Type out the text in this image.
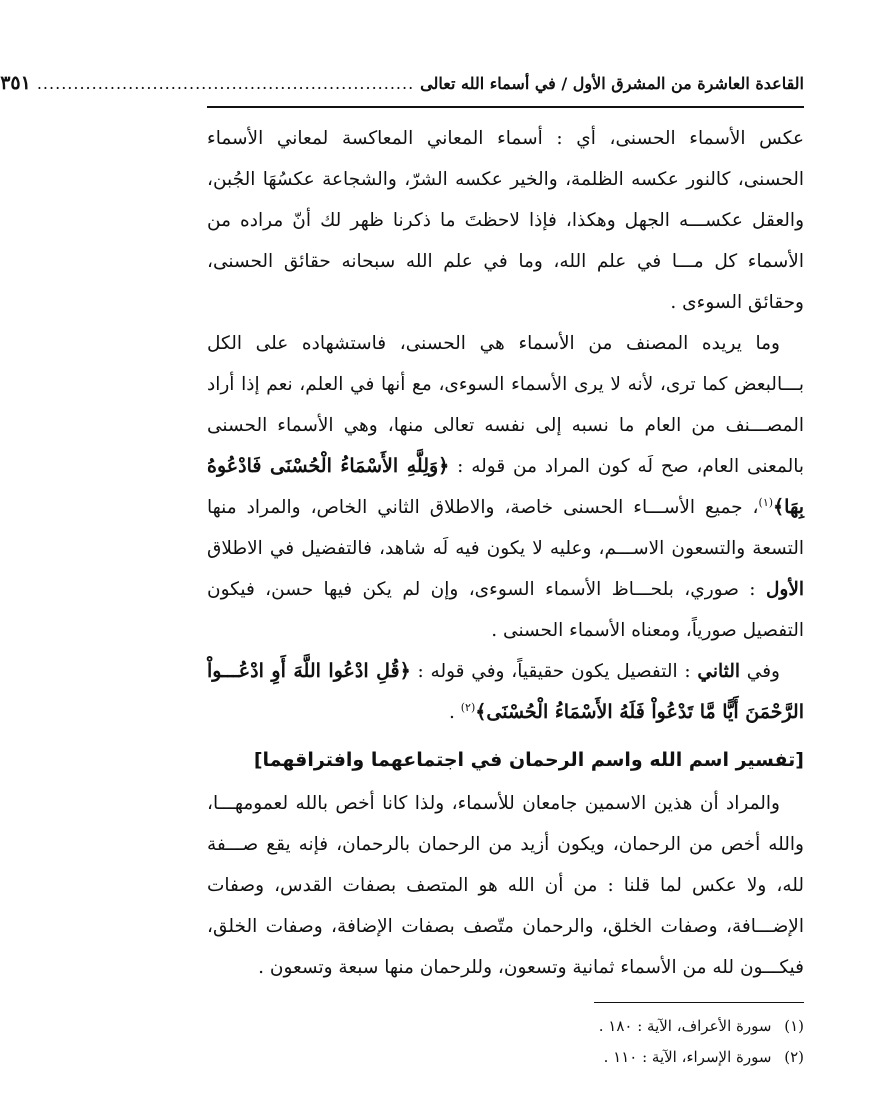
القاعدة العاشرة من المشرق الأول / في أسماء الله تعالى
..............................................................
٣٥١

عكس الأسماء الحسنى، أي : أسماء المعاني المعاكسة لمعاني الأسماء الحسنى، كالنور عكسه الظلمة، والخير عكسه الشرّ، والشجاعة عكسُهَا الجُبن، والعقل عكســـه الجهل وهكذا، فإذا لاحظتَ ما ذكرنا ظهر لك أنّ مراده من الأسماء كل مـــا في علم الله، وما في علم الله سبحانه حقائق الحسنى، وحقائق السوءى .

وما يريده المصنف من الأسماء هي الحسنى، فاستشهاده على الكل بـــالبعض كما ترى، لأنه لا يرى الأسماء السوءى، مع أنها في العلم، نعم إذا أراد المصـــنف من العام ما نسبه إلى نفسه تعالى منها، وهي الأسماء الحسنى بالمعنى العام، صح لَه كون المراد من قوله : ﴿وَلِلَّهِ الأَسْمَاءُ الْحُسْنَى فَادْعُوهُ بِهَا﴾$^{(١)}$، جميع الأســـاء الحسنى خاصة، والاطلاق الثاني الخاص، والمراد منها التسعة والتسعون الاســـم، وعليه لا يكون فيه لَه شاهد، فالتفضيل في الاطلاق الأول : صوري، بلحـــاظ الأسماء السوءى، وإن لم يكن فيها حسن، فيكون التفصيل صورياً، ومعناه الأسماء الحسنى .

وفي الثاني : التفصيل يكون حقيقياً، وفي قوله : ﴿قُلِ ادْعُوا اللَّهَ أَوِ ادْعُـــواْ الرَّحْمَنَ أَيًّا مَّا تَدْعُواْ فَلَهُ الأَسْمَاءُ الْحُسْنَى﴾$^{(٢)}$ .

[تفسير اسم الله واسم الرحمان في اجتماعهما وافتراقهما]

والمراد أن هذين الاسمين جامعان للأسماء، ولذا كانا أخص بالله لعمومهـــا، والله أخص من الرحمان، ويكون أزيد من الرحمان بالرحمان، فإنه يقع صـــفة لله، ولا عكس لما قلنا : من أن الله هو المتصف بصفات القدس، وصفات الإضـــافة، وصفات الخلق، والرحمان متّصف بصفات الإضافة، وصفات الخلق، فيكـــون لله من الأسماء ثمانية وتسعون، وللرحمان منها سبعة وتسعون .

(١) سورة الأعراف، الآية : ١٨٠ .
(٢) سورة الإسراء، الآية : ١١٠ .
